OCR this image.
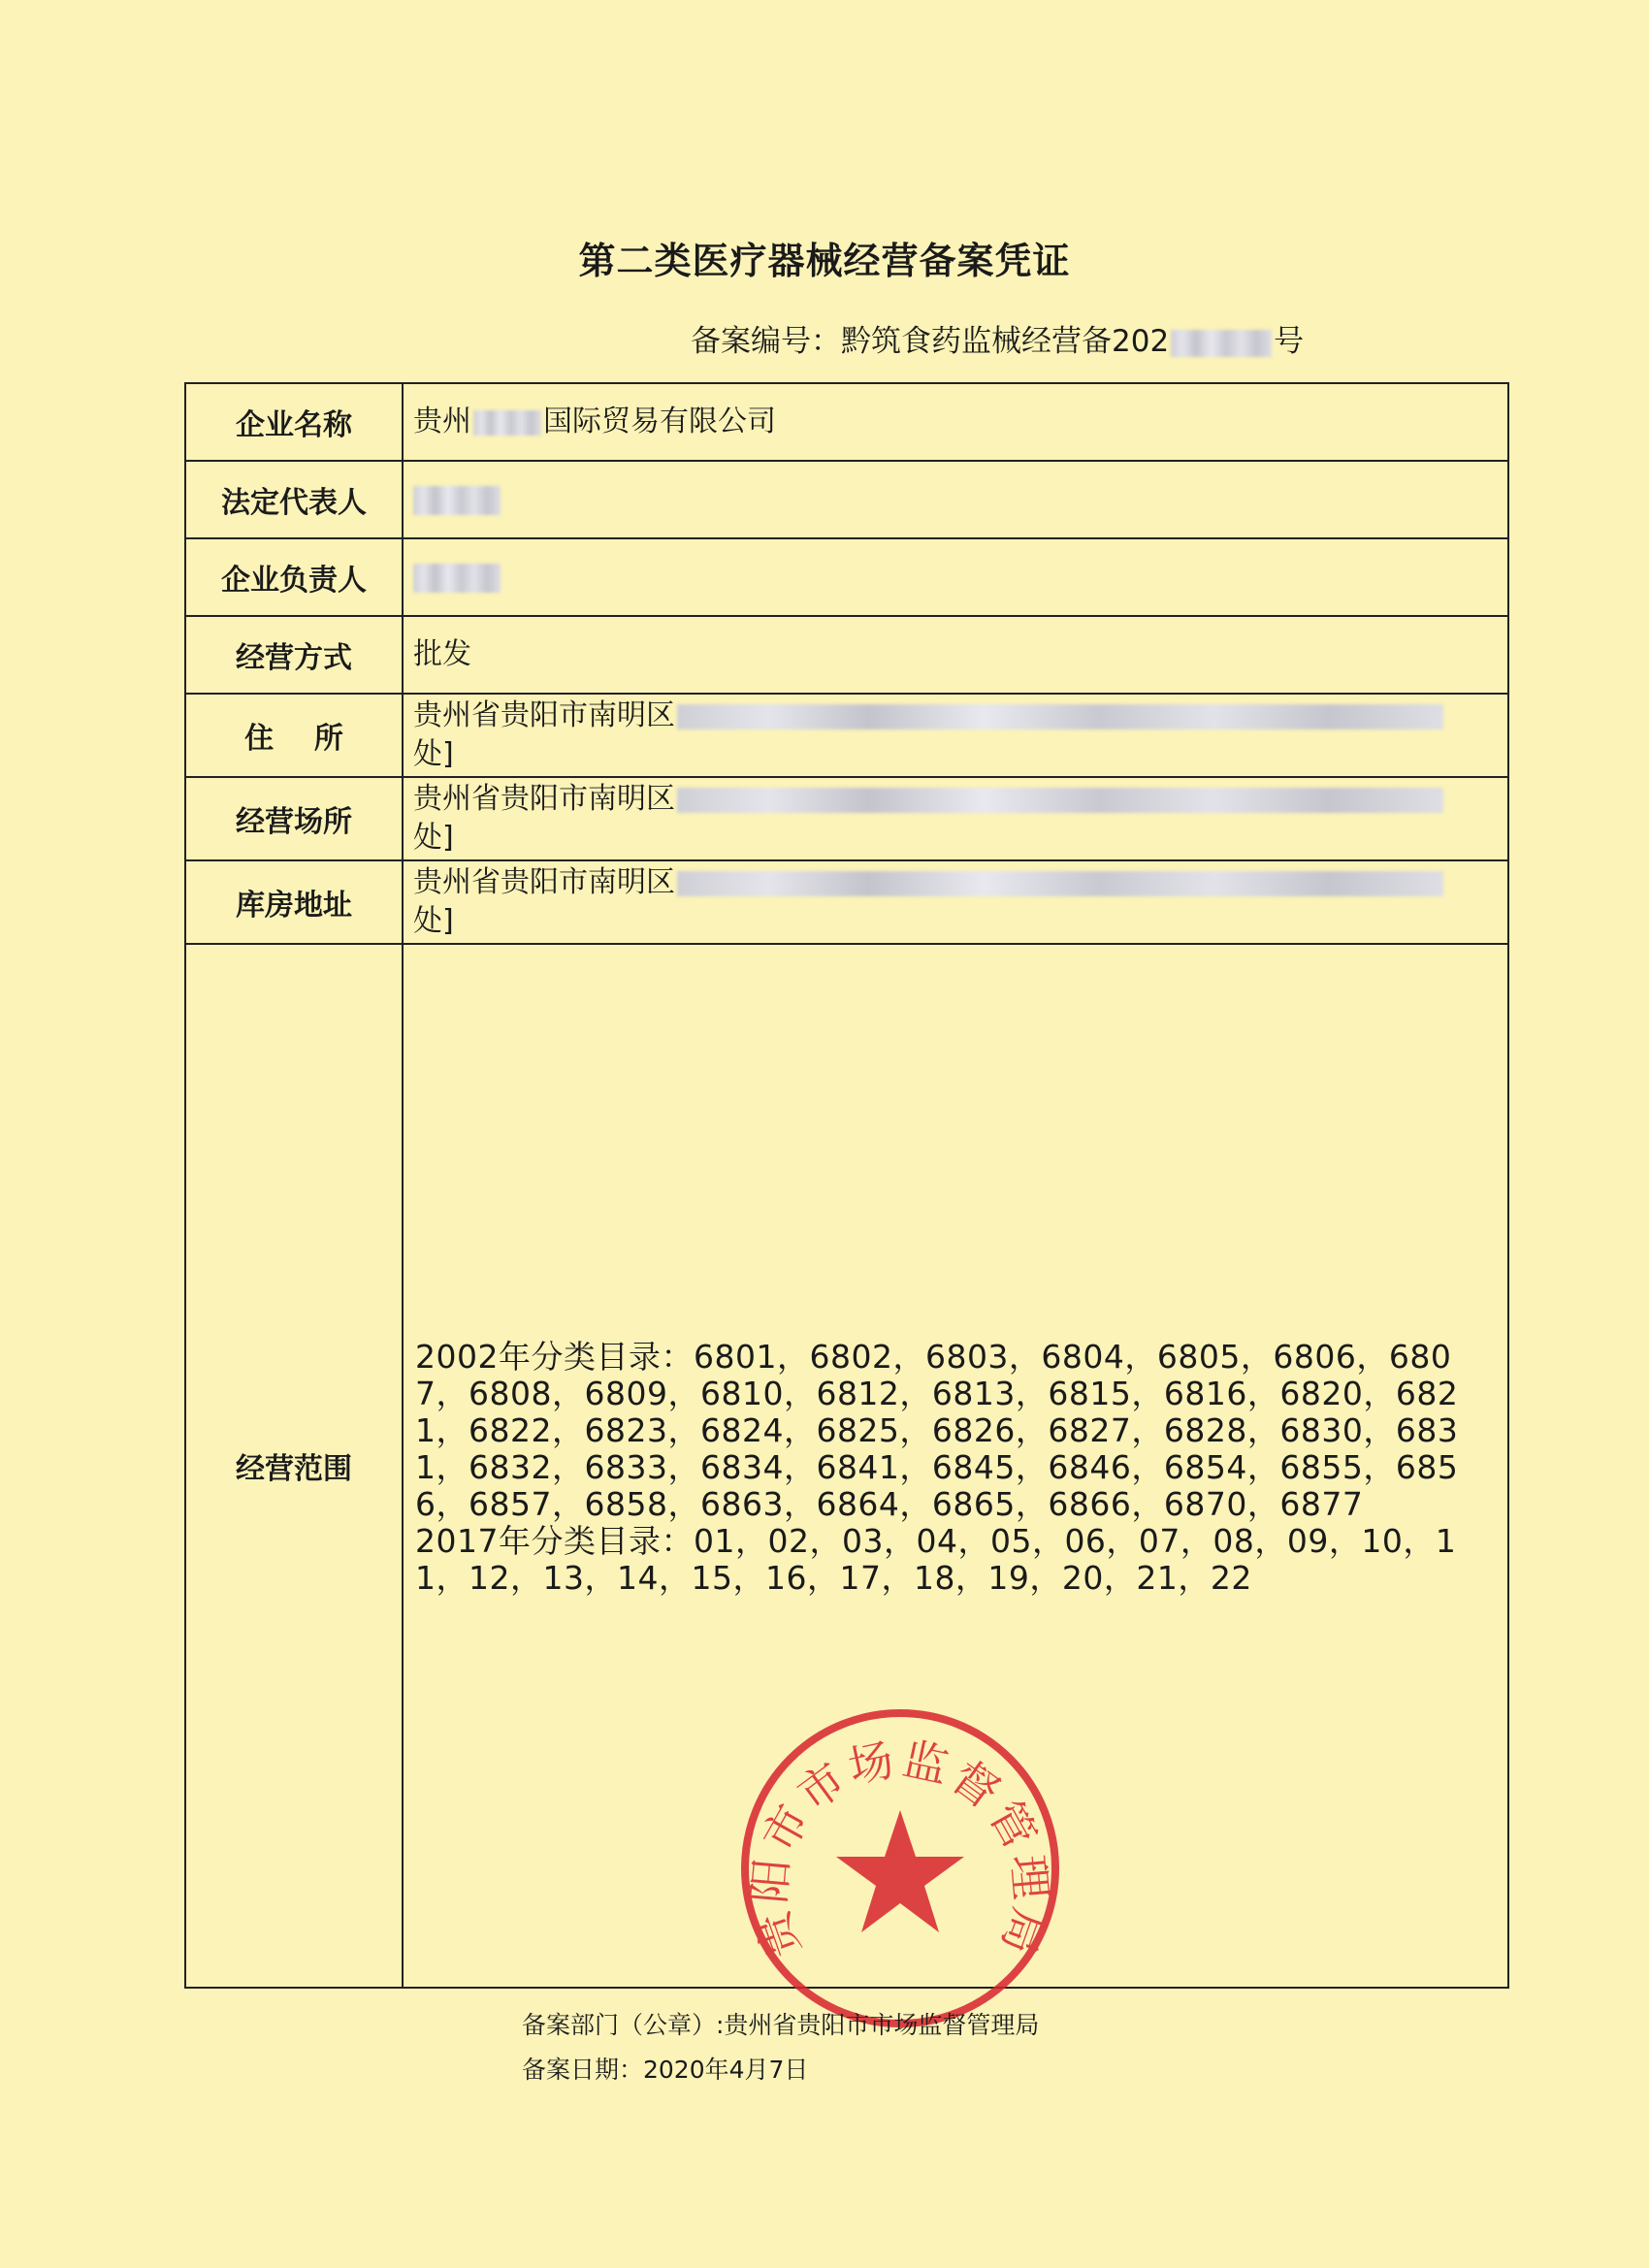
第二类医疗器械经营备案凭证
备案编号：黔筑食药监械经营备202	号
企业名称	贵州 国际贸易有限公司
法定代表人	
企业负责人	
经营方式	批发
住    所	贵州省贵阳市南明区
处]
经营场所	贵州省贵阳市南明区
处]
库房地址	贵州省贵阳市南明区
处]
经营范围	2002年分类目录：6801，6802，6803，6804，6805，6806，6807，6808，6809，6810，6812，6813，6815，6816，6820，6821，6822，6823，6824，6825，6826，6827，6828，6830，6831，6832，6833，6834，6841，6845，6846，6854，6855，6856，6857，6858，6863，6864，6865，6866，6870，6877
2017年分类目录：01，02，03，04，05，06，07，08，09，10，11，12，13，14，15，16，17，18，19，20，21，22
贵阳市市场监督管理局
备案部门（公章）:贵州省贵阳市市场监督管理局
备案日期：2020年4月7日
